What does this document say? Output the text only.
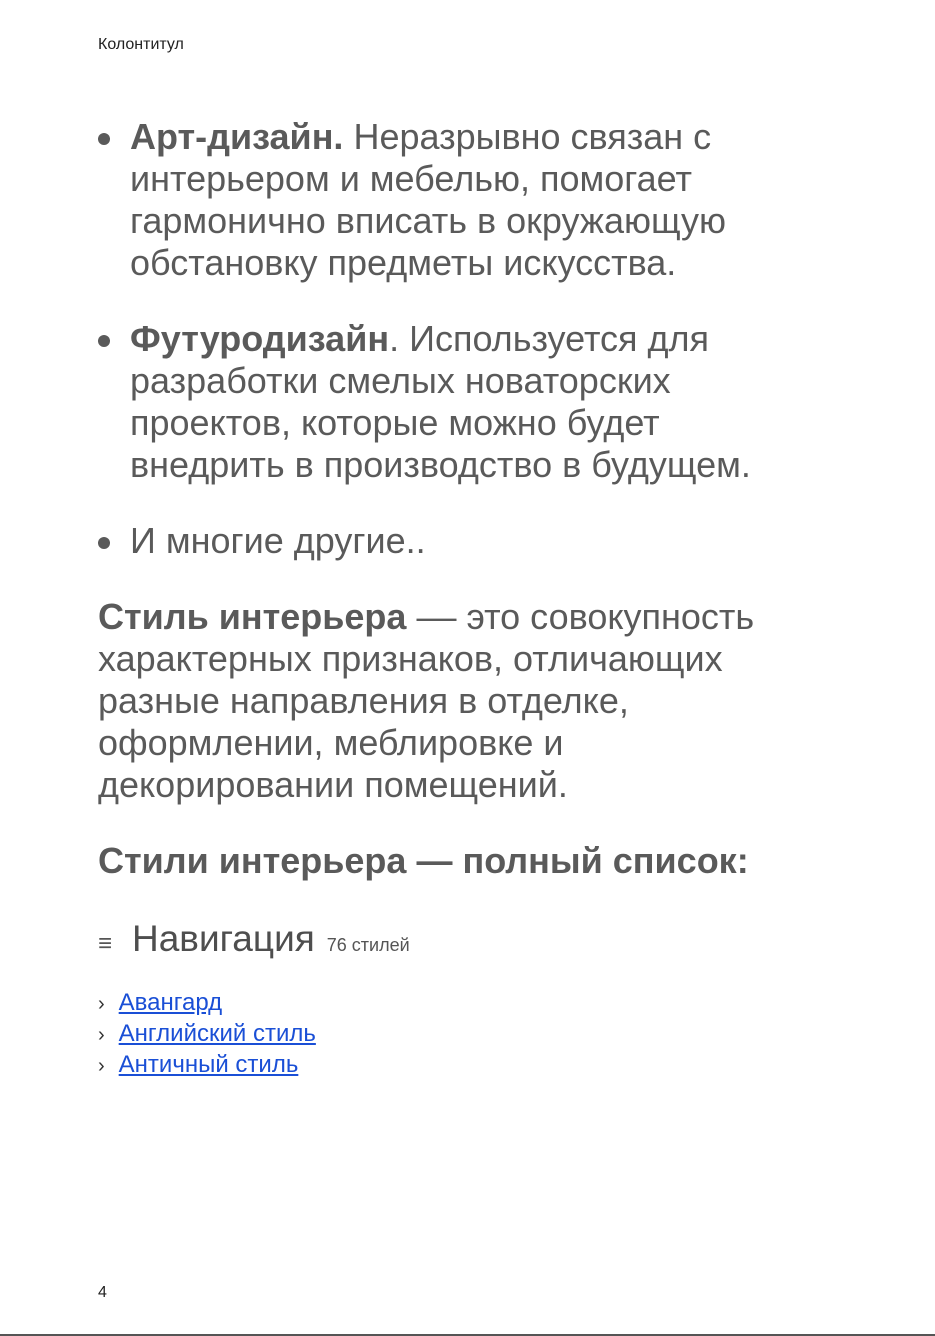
Колонтитул
Арт-дизайн. Неразрывно связан с интерьером и мебелью, помогает гармонично вписать в окружающую обстановку предметы искусства.
Футуродизайн. Используется для разработки смелых новаторских проектов, которые можно будет внедрить в производство в будущем.
И многие другие..

Стиль интерьера –– это совокупность характерных признаков, отличающих разные направления в отделке, оформлении, меблировке и декорировании помещений.

Стили интерьера — полный список:
≡ Навигация 76 стилей
› Авангард
› Английский стиль
› Античный стиль
4
